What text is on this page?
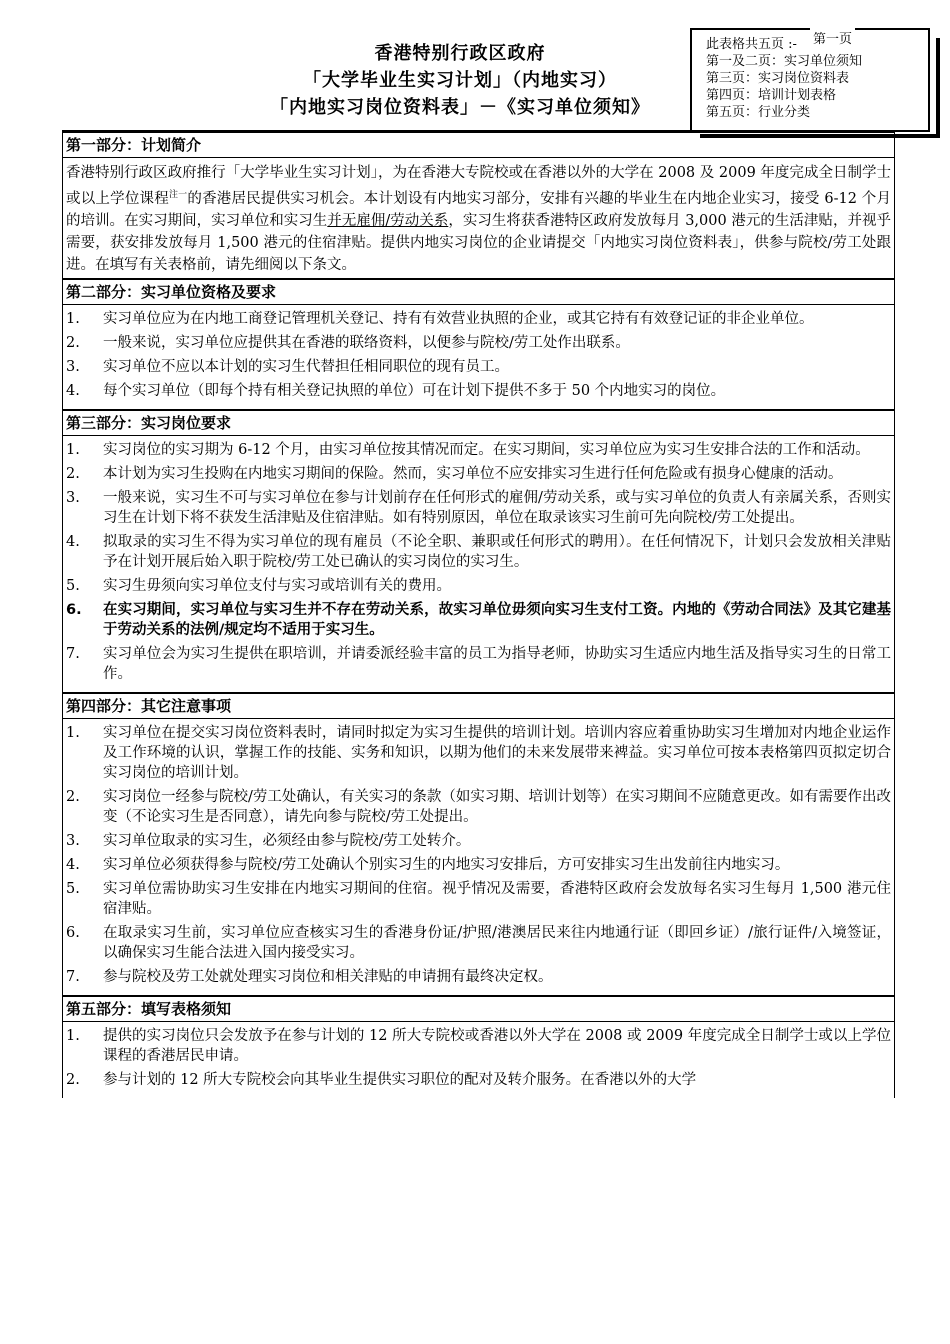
香港特别行政区政府
「大学毕业生实习计划」（内地实习）
「内地实习岗位资料表」－《实习单位须知》
此表格共五页 :-
第一及二页：实习单位须知
第三页：实习岗位资料表
第四页：培训计划表格
第五页：行业分类
第一页
第一部分：计划简介
香港特别行政区政府推行「大学毕业生实习计划」，为在香港大专院校或在香港以外的大学在 2008 及 2009 年度完成全日制学士或以上学位课程$^{注一}$的香港居民提供实习机会。本计划设有内地实习部分，安排有兴趣的毕业生在内地企业实习，接受 6-12 个月的培训。在实习期间，实习单位和实习生并无雇佣/劳动关系，实习生将获香港特区政府发放每月 3,000 港元的生活津贴，并视乎需要，获安排发放每月 1,500 港元的住宿津贴。提供内地实习岗位的企业请提交「内地实习岗位资料表」，供参与院校/劳工处跟进。在填写有关表格前，请先细阅以下条文。
第二部分：实习单位资格及要求
1. 实习单位应为在内地工商登记管理机关登记、持有有效营业执照的企业，或其它持有有效登记证的非企业单位。
2. 一般来说，实习单位应提供其在香港的联络资料，以便参与院校/劳工处作出联系。
3. 实习单位不应以本计划的实习生代替担任相同职位的现有员工。
4. 每个实习单位（即每个持有相关登记执照的单位）可在计划下提供不多于 50 个内地实习的岗位。
第三部分：实习岗位要求
1. 实习岗位的实习期为 6-12 个月，由实习单位按其情况而定。在实习期间，实习单位应为实习生安排合法的工作和活动。
2. 本计划为实习生投购在内地实习期间的保险。然而，实习单位不应安排实习生进行任何危险或有损身心健康的活动。
3. 一般来说，实习生不可与实习单位在参与计划前存在任何形式的雇佣/劳动关系，或与实习单位的负责人有亲属关系，否则实习生在计划下将不获发生活津贴及住宿津贴。如有特别原因，单位在取录该实习生前可先向院校/劳工处提出。
4. 拟取录的实习生不得为实习单位的现有雇员（不论全职、兼职或任何形式的聘用）。在任何情况下，计划只会发放相关津贴予在计划开展后始入职于院校/劳工处已确认的实习岗位的实习生。
5. 实习生毋须向实习单位支付与实习或培训有关的费用。
6. 在实习期间，实习单位与实习生并不存在劳动关系，故实习单位毋须向实习生支付工资。内地的《劳动合同法》及其它建基于劳动关系的法例/规定均不适用于实习生。
7. 实习单位会为实习生提供在职培训，并请委派经验丰富的员工为指导老师，协助实习生适应内地生活及指导实习生的日常工作。
第四部分：其它注意事项
1. 实习单位在提交实习岗位资料表时，请同时拟定为实习生提供的培训计划。培训内容应着重协助实习生增加对内地企业运作及工作环境的认识，掌握工作的技能、实务和知识，以期为他们的未来发展带来裨益。实习单位可按本表格第四页拟定切合实习岗位的培训计划。
2. 实习岗位一经参与院校/劳工处确认，有关实习的条款（如实习期、培训计划等）在实习期间不应随意更改。如有需要作出改变（不论实习生是否同意），请先向参与院校/劳工处提出。
3. 实习单位取录的实习生，必须经由参与院校/劳工处转介。
4. 实习单位必须获得参与院校/劳工处确认个别实习生的内地实习安排后，方可安排实习生出发前往内地实习。
5. 实习单位需协助实习生安排在内地实习期间的住宿。视乎情况及需要，香港特区政府会发放每名实习生每月 1,500 港元住宿津贴。
6. 在取录实习生前，实习单位应查核实习生的香港身份证/护照/港澳居民来往内地通行证（即回乡证）/旅行证件/入境签证，以确保实习生能合法进入国内接受实习。
7. 参与院校及劳工处就处理实习岗位和相关津贴的申请拥有最终决定权。
第五部分：填写表格须知
1. 提供的实习岗位只会发放予在参与计划的 12 所大专院校或香港以外大学在 2008 或 2009 年度完成全日制学士或以上学位课程的香港居民申请。
2. 参与计划的 12 所大专院校会向其毕业生提供实习职位的配对及转介服务。在香港以外的大学
